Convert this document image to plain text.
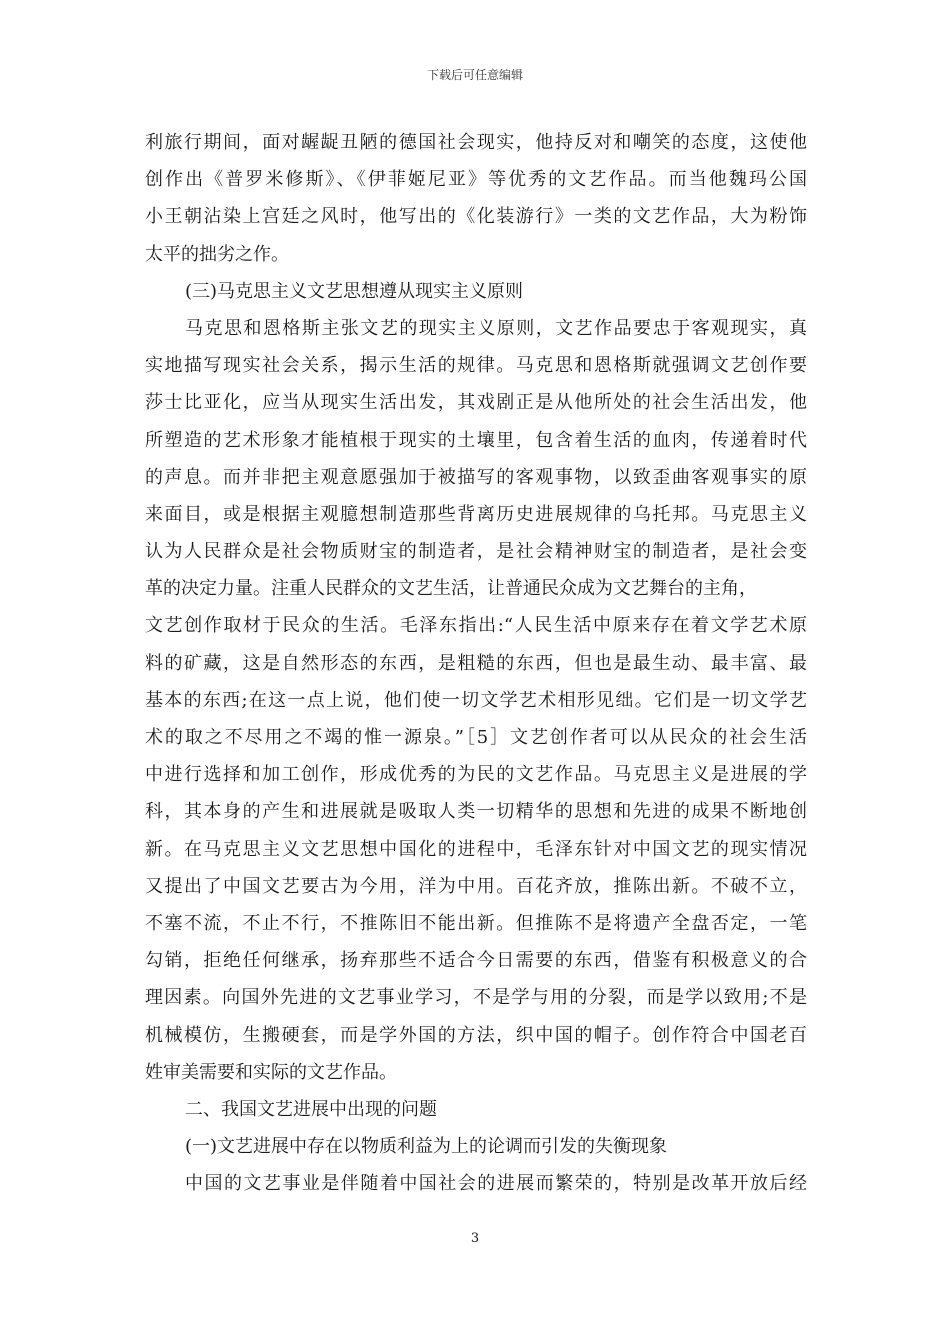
下载后可任意编辑
利旅行期间，面对龌龊丑陋的德国社会现实，他持反对和嘲笑的态度，这使他
创作出《普罗米修斯》、《伊菲姬尼亚》等优秀的文艺作品。而当他魏玛公国
小王朝沾染上宫廷之风时，他写出的《化装游行》一类的文艺作品，大为粉饰
太平的拙劣之作。
(三)马克思主义文艺思想遵从现实主义原则
马克思和恩格斯主张文艺的现实主义原则，文艺作品要忠于客观现实，真
实地描写现实社会关系，揭示生活的规律。马克思和恩格斯就强调文艺创作要
莎士比亚化，应当从现实生活出发，其戏剧正是从他所处的社会生活出发，他
所塑造的艺术形象才能植根于现实的土壤里，包含着生活的血肉，传递着时代
的声息。而并非把主观意愿强加于被描写的客观事物，以致歪曲客观事实的原
来面目，或是根据主观臆想制造那些背离历史进展规律的乌托邦。马克思主义
认为人民群众是社会物质财宝的制造者，是社会精神财宝的制造者，是社会变
革的决定力量。注重人民群众的文艺生活，让普通民众成为文艺舞台的主角，
文艺创作取材于民众的生活。毛泽东指出:“人民生活中原来存在着文学艺术原
料的矿藏，这是自然形态的东西，是粗糙的东西，但也是最生动、最丰富、最
基本的东西;在这一点上说，他们使一切文学艺术相形见绌。它们是一切文学艺
术的取之不尽用之不竭的惟一源泉。”［5］文艺创作者可以从民众的社会生活
中进行选择和加工创作，形成优秀的为民的文艺作品。马克思主义是进展的学
科，其本身的产生和进展就是吸取人类一切精华的思想和先进的成果不断地创
新。在马克思主义文艺思想中国化的进程中，毛泽东针对中国文艺的现实情况
又提出了中国文艺要古为今用，洋为中用。百花齐放，推陈出新。不破不立，
不塞不流，不止不行，不推陈旧不能出新。但推陈不是将遗产全盘否定，一笔
勾销，拒绝任何继承，扬弃那些不适合今日需要的东西，借鉴有积极意义的合
理因素。向国外先进的文艺事业学习，不是学与用的分裂，而是学以致用;不是
机械模仿，生搬硬套，而是学外国的方法，织中国的帽子。创作符合中国老百
姓审美需要和实际的文艺作品。
二、我国文艺进展中出现的问题
(一)文艺进展中存在以物质利益为上的论调而引发的失衡现象
中国的文艺事业是伴随着中国社会的进展而繁荣的，特别是改革开放后经
3
